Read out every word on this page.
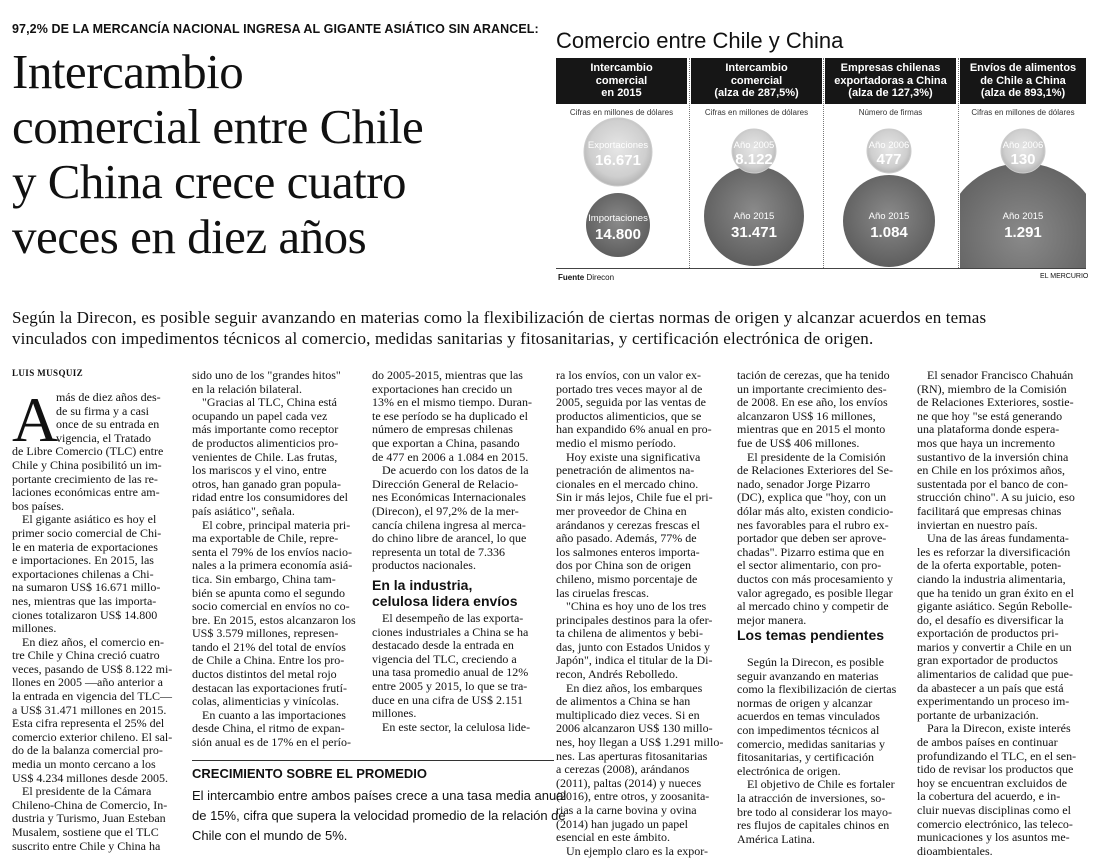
97,2% DE LA MERCANCÍA NACIONAL INGRESA AL GIGANTE ASIÁTICO SIN ARANCEL:
Intercambio
comercial entre Chile
y China crece cuatro
veces en diez años
Comercio entre Chile y China
Intercambio
comercial
en 2015
Cifras en millones de dólares
Exportaciones
16.671
Importaciones
14.800
Intercambio
comercial
(alza de 287,5%)
Cifras en millones de dólares
Año 2005
8.122
Año 2015
31.471
Empresas chilenas
exportadoras a China
(alza de 127,3%)
Número de firmas
Año 2006
477
Año 2015
1.084
Envíos de alimentos
de Chile a China
(alza de 893,1%)
Cifras en millones de dólares
Año 2006
130
Año 2015
1.291
Fuente Direcon	EL MERCURIO
Según la Direcon, es posible seguir avanzando en materias como la flexibilización de ciertas normas de origen y alcanzar acuerdos en temas
vinculados con impedimentos técnicos al comercio, medidas sanitarias y fitosanitarias, y certificación electrónica de origen.
LUIS MUSQUIZ
A
más de diez años des-
de su firma y a casi
once de su entrada en
vigencia, el Tratado
de Libre Comercio (TLC) entre
Chile y China posibilitó un im-
portante crecimiento de las re-
laciones económicas entre am-
bos países.
El gigante asiático es hoy el
primer socio comercial de Chi-
le en materia de exportaciones
e importaciones. En 2015, las
exportaciones chilenas a Chi-
na sumaron US$ 16.671 millo-
nes, mientras que las importa-
ciones totalizaron US$ 14.800
millones.
En diez años, el comercio en-
tre Chile y China creció cuatro
veces, pasando de US$ 8.122 mi-
llones en 2005 —año anterior a
la entrada en vigencia del TLC—
a US$ 31.471 millones en 2015.
Esta cifra representa el 25% del
comercio exterior chileno. El sal-
do de la balanza comercial pro-
media un monto cercano a los
US$ 4.234 millones desde 2005.
El presidente de la Cámara
Chileno-China de Comercio, In-
dustria y Turismo, Juan Esteban
Musalem, sostiene que el TLC
suscrito entre Chile y China ha
sido uno de los "grandes hitos"
en la relación bilateral.
"Gracias al TLC, China está
ocupando un papel cada vez
más importante como receptor
de productos alimenticios pro-
venientes de Chile. Las frutas,
los mariscos y el vino, entre
otros, han ganado gran popula-
ridad entre los consumidores del
país asiático", señala.
El cobre, principal materia pri-
ma exportable de Chile, repre-
senta el 79% de los envíos nacio-
nales a la primera economía asiá-
tica. Sin embargo, China tam-
bién se apunta como el segundo
socio comercial en envíos no co-
bre. En 2015, estos alcanzaron los
US$ 3.579 millones, represen-
tando el 21% del total de envíos
de Chile a China. Entre los pro-
ductos distintos del metal rojo
destacan las exportaciones frutí-
colas, alimenticias y vinícolas.
En cuanto a las importaciones
desde China, el ritmo de expan-
sión anual es de 17% en el perío-
do 2005-2015, mientras que las
exportaciones han crecido un
13% en el mismo tiempo. Duran-
te ese período se ha duplicado el
número de empresas chilenas
que exportan a China, pasando
de 477 en 2006 a 1.084 en 2015.
De acuerdo con los datos de la
Dirección General de Relacio-
nes Económicas Internacionales
(Direcon), el 97,2% de la mer-
cancía chilena ingresa al merca-
do chino libre de arancel, lo que
representa un total de 7.336
productos nacionales.
En la industria,
celulosa lidera envíos
El desempeño de las exporta-
ciones industriales a China se ha
destacado desde la entrada en
vigencia del TLC, creciendo a
una tasa promedio anual de 12%
entre 2005 y 2015, lo que se tra-
duce en una cifra de US$ 2.151
millones.
En este sector, la celulosa lide-
ra los envíos, con un valor ex-
portado tres veces mayor al de
2005, seguida por las ventas de
productos alimenticios, que se
han expandido 6% anual en pro-
medio el mismo período.
Hoy existe una significativa
penetración de alimentos na-
cionales en el mercado chino.
Sin ir más lejos, Chile fue el pri-
mer proveedor de China en
arándanos y cerezas frescas el
año pasado. Además, 77% de
los salmones enteros importa-
dos por China son de origen
chileno, mismo porcentaje de
las ciruelas frescas.
"China es hoy uno de los tres
principales destinos para la ofer-
ta chilena de alimentos y bebi-
das, junto con Estados Unidos y
Japón", indica el titular de la Di-
recon, Andrés Rebolledo.
En diez años, los embarques
de alimentos a China se han
multiplicado diez veces. Si en
2006 alcanzaron US$ 130 millo-
nes, hoy llegan a US$ 1.291 millo-
nes. Las aperturas fitosanitarias
a cerezas (2008), arándanos
(2011), paltas (2014) y nueces
(2016), entre otros, y zoosanita-
rias a la carne bovina y ovina
(2014) han jugado un papel
esencial en este ámbito.
Un ejemplo claro es la expor-
tación de cerezas, que ha tenido
un importante crecimiento des-
de 2008. En ese año, los envíos
alcanzaron US$ 16 millones,
mientras que en 2015 el monto
fue de US$ 406 millones.
El presidente de la Comisión
de Relaciones Exteriores del Se-
nado, senador Jorge Pizarro
(DC), explica que "hoy, con un
dólar más alto, existen condicio-
nes favorables para el rubro ex-
portador que deben ser aprove-
chadas". Pizarro estima que en
el sector alimentario, con pro-
ductos con más procesamiento y
valor agregado, es posible llegar
al mercado chino y competir de
mejor manera.
Los temas pendientes
Según la Direcon, es posible
seguir avanzando en materias
como la flexibilización de ciertas
normas de origen y alcanzar
acuerdos en temas vinculados
con impedimentos técnicos al
comercio, medidas sanitarias y
fitosanitarias, y certificación
electrónica de origen.
El objetivo de Chile es fortaler
la atracción de inversiones, so-
bre todo al considerar los mayo-
res flujos de capitales chinos en
América Latina.
El senador Francisco Chahuán
(RN), miembro de la Comisión
de Relaciones Exteriores, sostie-
ne que hoy "se está generando
una plataforma donde espera-
mos que haya un incremento
sustantivo de la inversión china
en Chile en los próximos años,
sustentada por el banco de con-
strucción chino". A su juicio, eso
facilitará que empresas chinas
inviertan en nuestro país.
Una de las áreas fundamenta-
les es reforzar la diversificación
de la oferta exportable, poten-
ciando la industria alimentaria,
que ha tenido un gran éxito en el
gigante asiático. Según Rebolle-
do, el desafío es diversificar la
exportación de productos pri-
marios y convertir a Chile en un
gran exportador de productos
alimentarios de calidad que pue-
da abastecer a un país que está
experimentando un proceso im-
portante de urbanización.
Para la Direcon, existe interés
de ambos países en continuar
profundizando el TLC, en el sen-
tido de revisar los productos que
hoy se encuentran excluidos de
la cobertura del acuerdo, e in-
cluir nuevas disciplinas como el
comercio electrónico, las teleco-
municaciones y los asuntos me-
dioambientales.
CRECIMIENTO SOBRE EL PROMEDIO
El intercambio entre ambos países crece a una tasa media anual
de 15%, cifra que supera la velocidad promedio de la relación de
Chile con el mundo de 5%.
